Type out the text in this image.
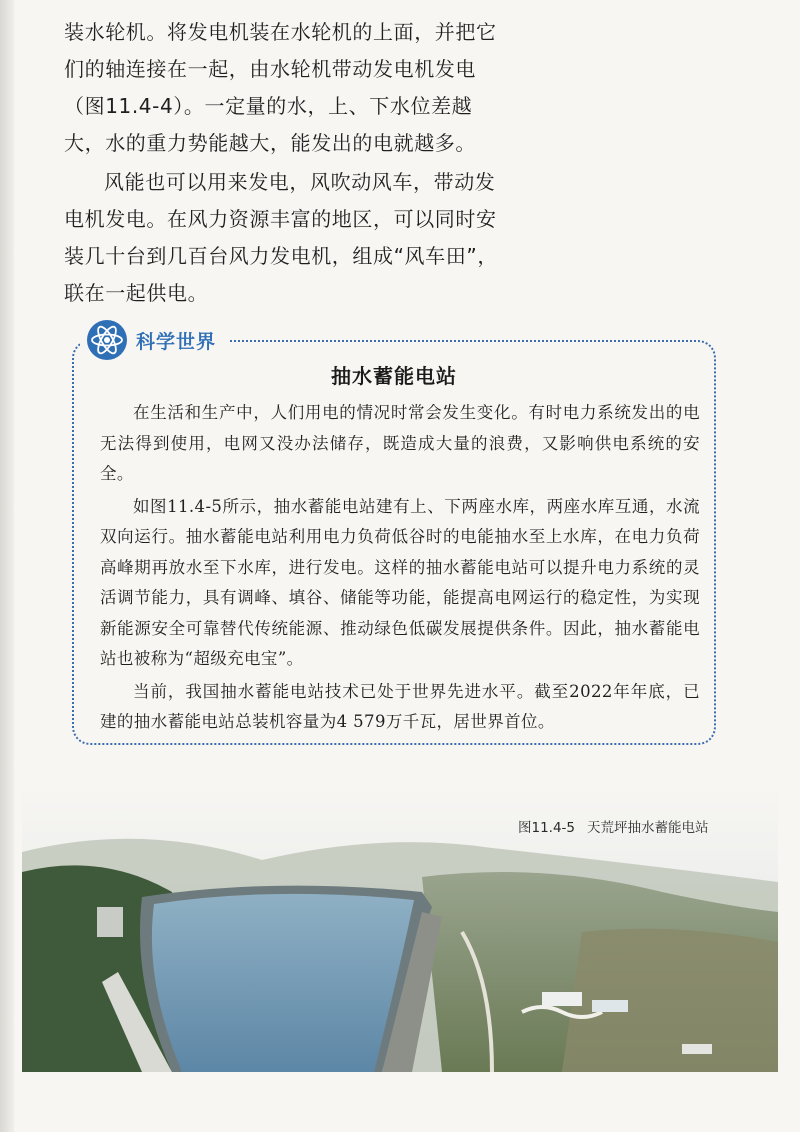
装水轮机。将发电机装在水轮机的上面，并把它们的轴连接在一起，由水轮机带动发电机发电（图11.4-4）。一定量的水，上、下水位差越大，水的重力势能越大，能发出的电就越多。

风能也可以用来发电，风吹动风车，带动发电机发电。在风力资源丰富的地区，可以同时安装几十台到几百台风力发电机，组成“风车田”，联在一起供电。

科学世界
抽水蓄能电站

在生活和生产中，人们用电的情况时常会发生变化。有时电力系统发出的电无法得到使用，电网又没办法储存，既造成大量的浪费，又影响供电系统的安全。

如图11.4-5所示，抽水蓄能电站建有上、下两座水库，两座水库互通，水流双向运行。抽水蓄能电站利用电力负荷低谷时的电能抽水至上水库，在电力负荷高峰期再放水至下水库，进行发电。这样的抽水蓄能电站可以提升电力系统的灵活调节能力，具有调峰、填谷、储能等功能，能提高电网运行的稳定性，为实现新能源安全可靠替代传统能源、推动绿色低碳发展提供条件。因此，抽水蓄能电站也被称为“超级充电宝”。

当前，我国抽水蓄能电站技术已处于世界先进水平。截至2022年年底，已建的抽水蓄能电站总装机容量为4 579万千瓦，居世界首位。

图11.4-5 天荒坪抽水蓄能电站
